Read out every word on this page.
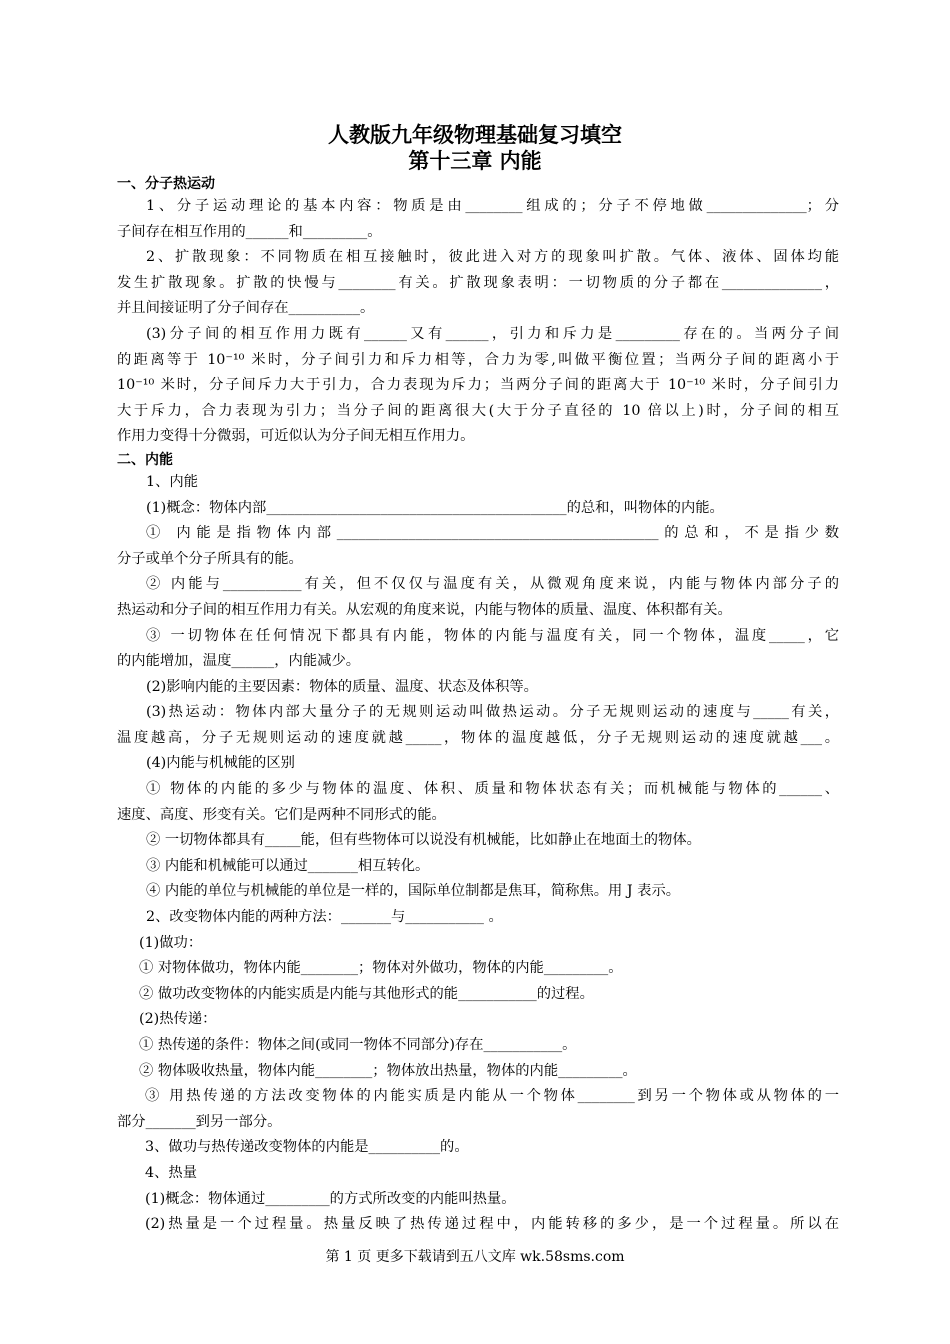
人教版九年级物理基础复习填空
第十三章 内能
一、分子热运动
1、分子运动理论的基本内容：物质是由________组成的；分子不停地做______________；分
子间存在相互作用的______和_________。
2、扩散现象：不同物质在相互接触时，彼此进入对方的现象叫扩散。气体、液体、固体均能
发生扩散现象。扩散的快慢与________有关。扩散现象表明：一切物质的分子都在______________，
并且间接证明了分子间存在__________。
(3)分子间的相互作用力既有______又有______，引力和斥力是_________存在的。当两分子间
的距离等于 10⁻¹⁰ 米时，分子间引力和斥力相等，合力为零,叫做平衡位置；当两分子间的距离小于
10⁻¹⁰ 米时，分子间斥力大于引力，合力表现为斥力；当两分子间的距离大于 10⁻¹⁰ 米时，分子间引力
大于斥力，合力表现为引力；当分子间的距离很大(大于分子直径的 10 倍以上)时，分子间的相互
作用力变得十分微弱，可近似认为分子间无相互作用力。
二、内能
1、内能
(1)概念：物体内部__________________________________________的总和，叫物体的内能。
① 内能是指物体内部_____________________________________________的总和，不是指少数
分子或单个分子所具有的能。
② 内能与___________有关，但不仅仅与温度有关，从微观角度来说，内能与物体内部分子的
热运动和分子间的相互作用力有关。从宏观的角度来说，内能与物体的质量、温度、体积都有关。
③ 一切物体在任何情况下都具有内能，物体的内能与温度有关，同一个物体，温度_____，它
的内能增加，温度______，内能减少。
(2)影响内能的主要因素：物体的质量、温度、状态及体积等。
(3)热运动：物体内部大量分子的无规则运动叫做热运动。分子无规则运动的速度与_____有关，
温度越高，分子无规则运动的速度就越_____，物体的温度越低，分子无规则运动的速度就越___。
(4)内能与机械能的区别
① 物体的内能的多少与物体的温度、体积、质量和物体状态有关；而机械能与物体的______、
速度、高度、形变有关。它们是两种不同形式的能。
② 一切物体都具有_____能，但有些物体可以说没有机械能，比如静止在地面土的物体。
③ 内能和机械能可以通过_______相互转化。
④ 内能的单位与机械能的单位是一样的，国际单位制都是焦耳，简称焦。用 J 表示。
2、改变物体内能的两种方法：_______与___________ 。
(1)做功：
① 对物体做功，物体内能________；物体对外做功，物体的内能_________。
② 做功改变物体的内能实质是内能与其他形式的能___________的过程。
(2)热传递：
① 热传递的条件：物体之间(或同一物体不同部分)存在___________。
② 物体吸收热量，物体内能________；物体放出热量，物体的内能_________。
③ 用热传递的方法改变物体的内能实质是内能从一个物体________到另一个物体或从物体的一
部分_______到另一部分。
3、做功与热传递改变物体的内能是__________的。
4、热量
(1)概念：物体通过_________的方式所改变的内能叫热量。
(2)热量是一个过程量。热量反映了热传递过程中，内能转移的多少，是一个过程量。所以在
第 1 页 更多下载请到五八文库 wk.58sms.com
